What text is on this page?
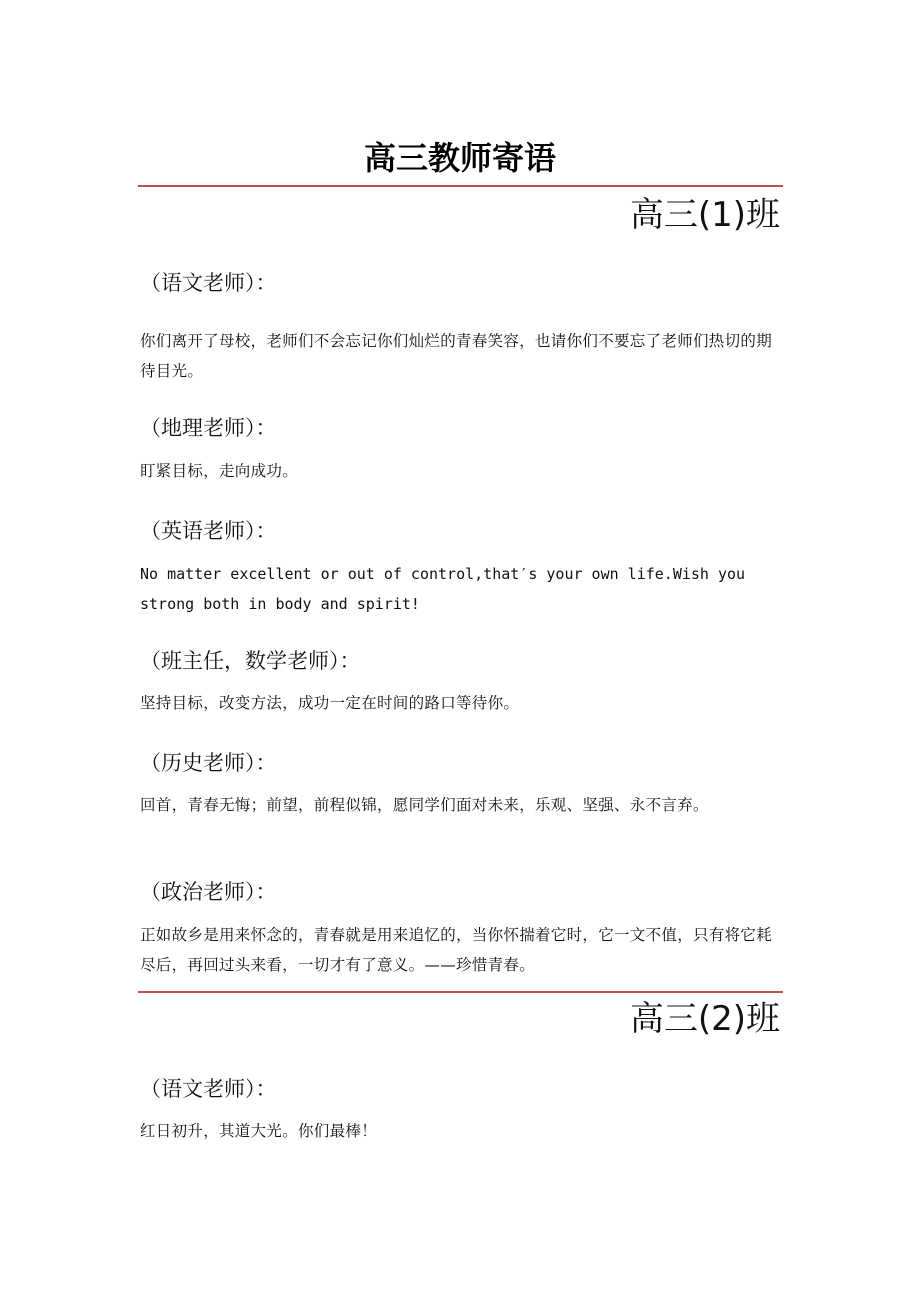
高三教师寄语
高三(1)班
（语文老师）：
你们离开了母校，老师们不会忘记你们灿烂的青春笑容，也请你们不要忘了老师们热切的期待目光。
（地理老师）：
盯紧目标，走向成功。
（英语老师）：
No matter excellent or out of control,that′s your own life.Wish you strong both in body and spirit!
（班主任，数学老师）：
坚持目标，改变方法，成功一定在时间的路口等待你。
（历史老师）：
回首，青春无悔；前望，前程似锦，愿同学们面对未来，乐观、坚强、永不言弃。
（政治老师）：
正如故乡是用来怀念的，青春就是用来追忆的，当你怀揣着它时，它一文不值，只有将它耗尽后，再回过头来看，一切才有了意义。——珍惜青春。
高三(2)班
（语文老师）：
红日初升，其道大光。你们最棒！
